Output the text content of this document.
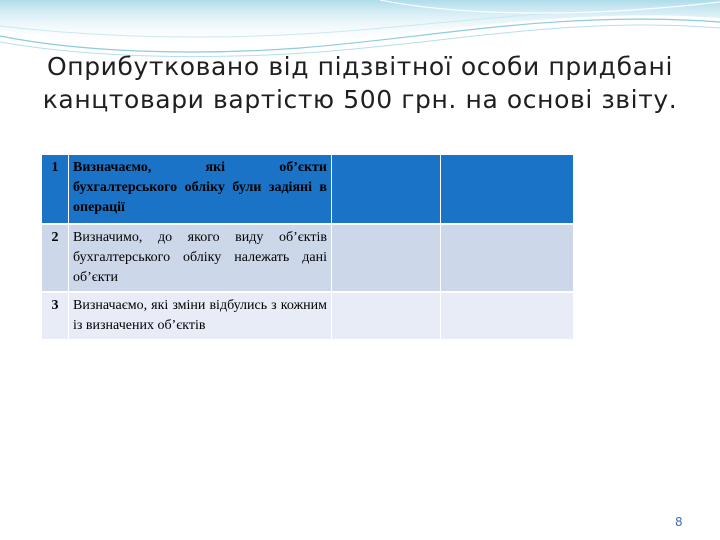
Оприбутковано від підзвітної особи придбані канцтовари вартістю 500 грн. на основі звіту.
1	Визначаємо, які об’єкти бухгалтерського обліку були задіяні в операції		
2	Визначимо, до якого виду об’єктів бухгалтерського обліку належать дані об’єкти		
3	Визначаємо, які зміни відбулись з кожним із визначених об’єктів		
8
